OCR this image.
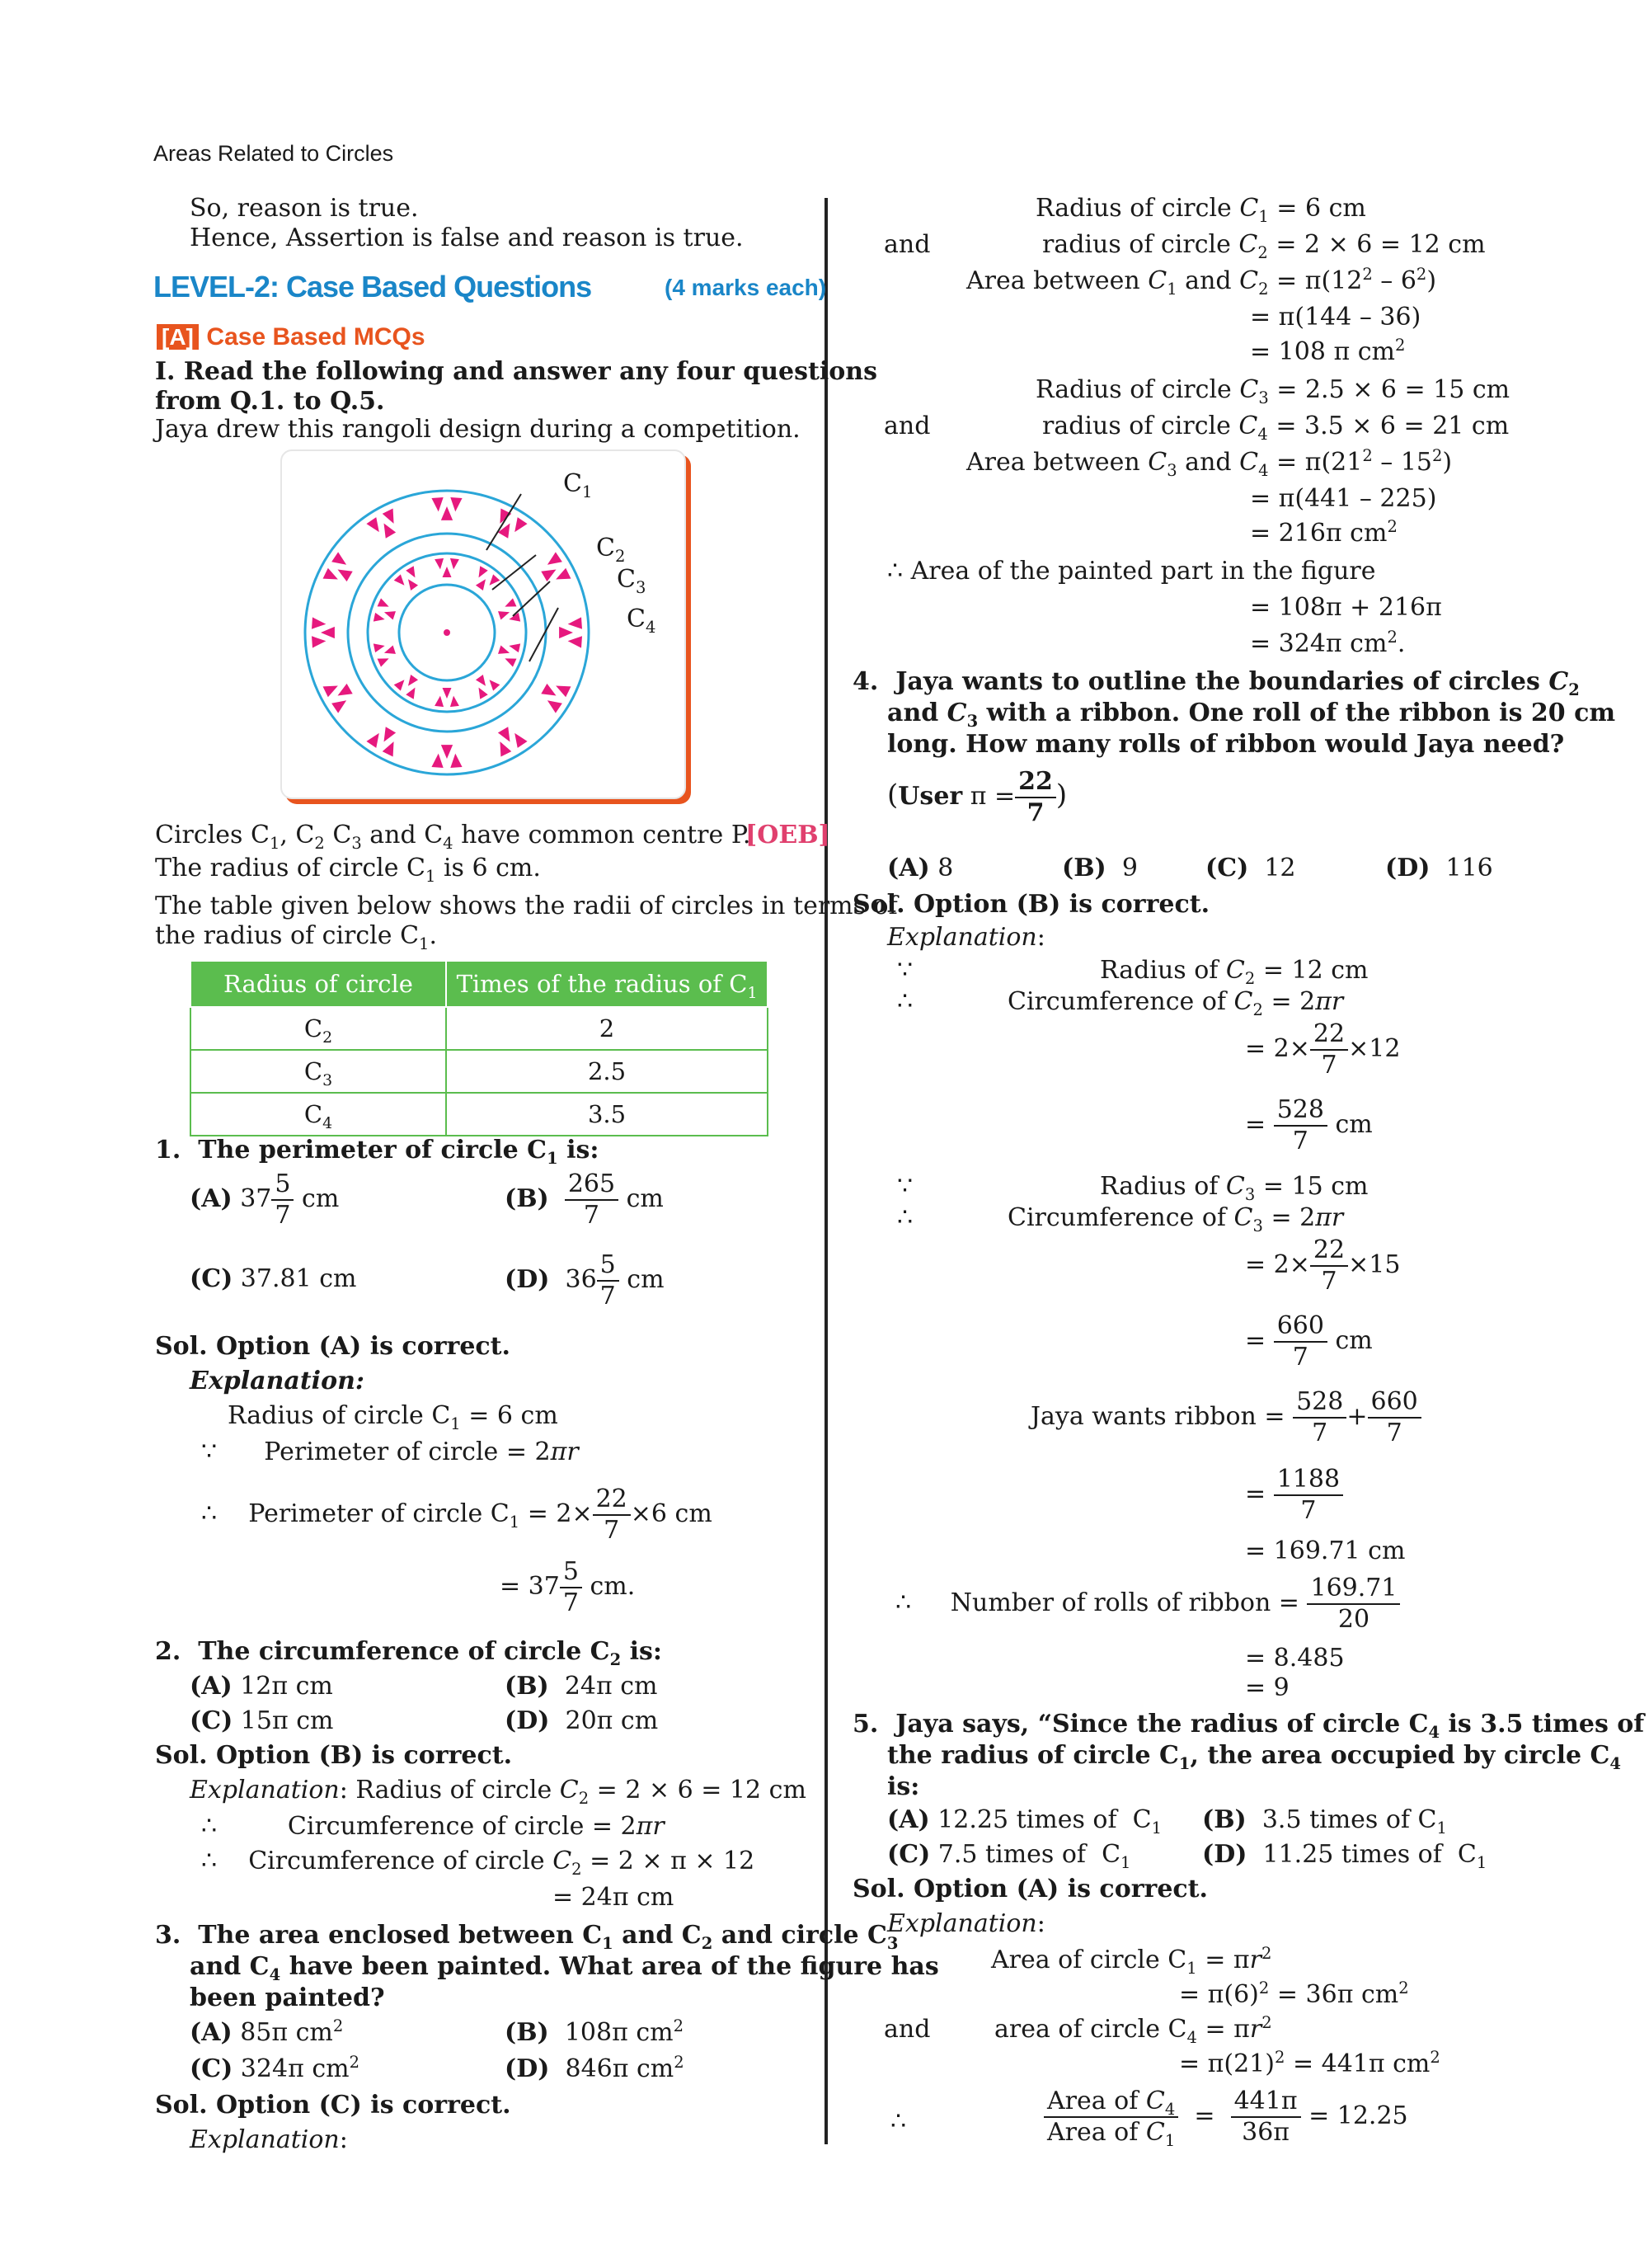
Areas Related to Circles
So, reason is true.
Hence, Assertion is false and reason is true.
LEVEL-2: Case Based Questions	(4 marks each)
[A] Case Based MCQs
I. Read the following and answer any four questions
from Q.1. to Q.5.
Jaya drew this rangoli design during a competition.
$C_1$
$C_2$
$C_3$
$C_4$
Circles $C_1$, $C_2$ $C_3$ and $C_4$ have common centre P.
[OEB]
The radius of circle $C_1$ is 6 cm.
The table given below shows the radii of circles in terms of
the radius of circle $C_1$.
Radius of circle	Times of the radius of $C_1$
$C_2$	2
$C_3$	2.5
$C_4$	3.5
1.  The perimeter of circle $C_1$ is:
(A) $37 \frac{5}{7}$ cm	$(B) \frac{265}{7}$ cm
(C) 37.81 cm	(D)  $36 \frac{5}{7}$ cm
Sol. Option (A) is correct.
Explanation:
Radius of circle $C_1 = 6$ cm
∵      Perimeter of circle = 2πr
∴    Perimeter of circle $C_1 = 2\times \frac{22}{7} \times 6$ cm
= $37 \frac{5}{7}$ cm.
2.  The circumference of circle $C_2$ is:
(A) 12π cm	(B)  24π cm
(C) 15π cm	(D)  20π cm
Sol. Option (B) is correct.
Explanation: Radius of circle $C_2 = 2 \times 6 = 12$ cm
∴         Circumference of circle = 2πr
∴    Circumference of circle $C_2 = 2 \times \pi \times 12$
= 24π cm
3.  The area enclosed between $C_1$ and $C_2$ and circle $C_3$
and $C_4$ have been painted. What area of the figure has
been painted?
(A) 85π $cm^2$	(B)  108π $cm^2$
(C) 324π $cm^2$	(D)  846π $cm^2$
Sol. Option (C) is correct.
Explanation:
Radius of circle $C_1 = 6$ cm
and	radius of circle $C_2 = 2 \times 6 = 12$ cm
Area between $C_1$ and $C_2 = \pi(12^2 - 6^2)$
= π(144 – 36)
= 108 π $cm^2$
Radius of circle $C_3 = 2.5 \times 6 = 15$ cm
and	radius of circle $C_4 = 3.5 \times 6 = 21$ cm
Area between $C_3$ and $C_4 = \pi(21^2 - 15^2)$
= π(441 – 225)
= 216π $cm^2$
∴ Area of the painted part in the figure
= 108π + 216π
= 324π $cm^2$.
4.  Jaya wants to outline the boundaries of circles $C_2$
and $C_3$ with a ribbon. One roll of the ribbon is 20 cm
long. How many rolls of ribbon would Jaya need?
(User $\pi = \frac{22}{7}$ )
(A) 8	(B)  9	(C)  12	(D)  116
Sol. Option (B) is correct.
Explanation:
∵	Radius of $C_2 = 12$ cm
∴	Circumference of $C_2 = 2\pi r$
= $2\times \frac{22}{7} \times 12$
= $\frac{528}{7}$ cm
∵	Radius of $C_3 = 15$ cm
∴	Circumference of $C_3 = 2\pi r$
= $2\times \frac{22}{7} \times 15$
= $\frac{660}{7}$ cm
Jaya wants ribbon = $\frac{528}{7} + \frac{660}{7}$
= $\frac{1188}{7}$
= 169.71 cm
∴     Number of rolls of ribbon = $\frac{169.71}{20}$
= 8.485
= 9
5.  Jaya says, “Since the radius of circle $C_4$ is 3.5 times of
the radius of circle $C_1$, the area occupied by circle $C_4$
is:
(A) 12.25 times of  $C_1$ (B)  3.5 times of $C_1$
(C) 7.5 times of  $C_1$	(D)  11.25 times of  $C_1$
Sol. Option (A) is correct.
Explanation:
Area of circle $C_1 = \pi r^2$
= $\pi(6)^2 = 36\pi$ $cm^2$
and	area of circle $C_4 = \pi r^2$
= $\pi(21)^2 = 441\pi$ $cm^2$
∴	$\frac{Area of C_4}{Area of C_1} = \frac{441\pi}{36\pi} = 12.25$
